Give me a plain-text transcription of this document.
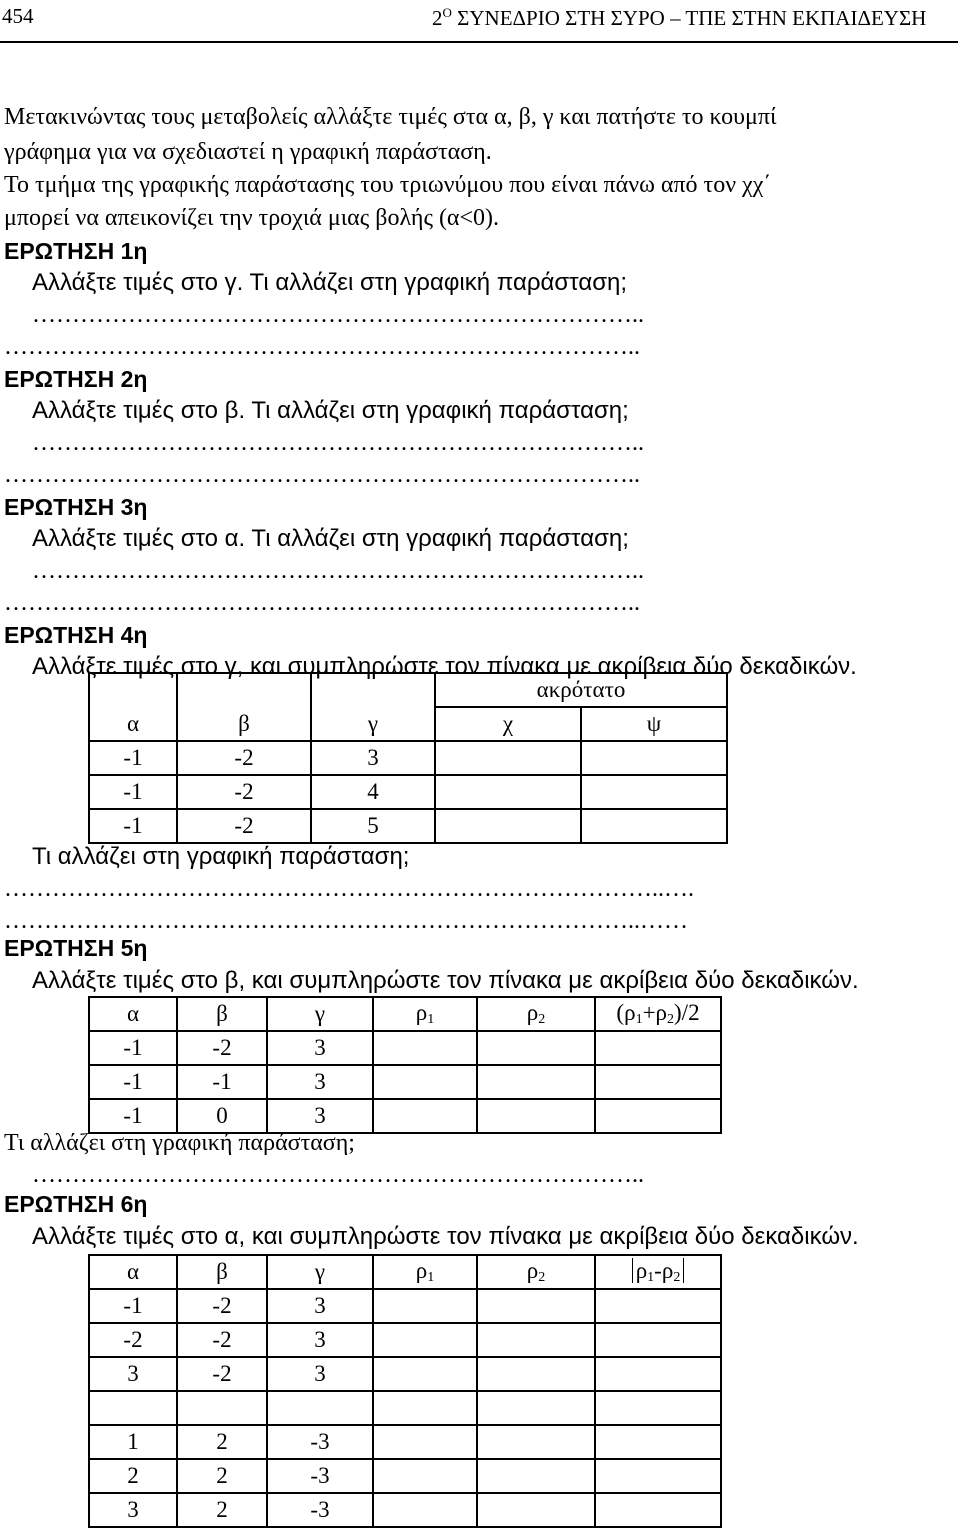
454	$2^O$ ΣΥΝΕΔΡΙΟ ΣΤΗ ΣΥΡΟ – ΤΠΕ ΣΤΗΝ ΕΚΠΑΙΔΕΥΣΗ
Μετακινώντας τους μεταβολείς αλλάξτε τιμές στα α, β, γ και πατήστε το κουμπί
γράφημα για να σχεδιαστεί η γραφική παράσταση.
Το τμήμα της γραφικής παράστασης του τριωνύμου που είναι πάνω από τον χχ΄
μπορεί να απεικονίζει την τροχιά μιας βολής (α<0).
ΕΡΩΤΗΣΗ 1η
Αλλάξτε τιμές στο γ. Τι αλλάζει στη γραφική παράσταση;
…………………………………………………………………..
……………………………………………………………………..
ΕΡΩΤΗΣΗ 2η
Αλλάξτε τιμές στο β. Τι αλλάζει στη γραφική παράσταση;
…………………………………………………………………..
……………………………………………………………………..
ΕΡΩΤΗΣΗ 3η
Αλλάξτε τιμές στο α. Τι αλλάζει στη γραφική παράσταση;
…………………………………………………………………..
……………………………………………………………………..
ΕΡΩΤΗΣΗ 4η
Αλλάξτε τιμές στο γ, και συμπληρώστε τον πίνακα με ακρίβεια δύο δεκαδικών.
			ακρότατο	
α	β	γ	χ	ψ
-1	-2	3		
-1	-2	4		
-1	-2	5		
Τι αλλάζει στη γραφική παράσταση;
………………………………………………………………………..….
……………………………………………………………………..……
ΕΡΩΤΗΣΗ 5η
Αλλάξτε τιμές στο β, και συμπληρώστε τον πίνακα με ακρίβεια δύο δεκαδικών.
α	β	γ	$\rho_1$	$\rho_2$	$(\rho_1+\rho_2)/2$
-1	-2	3			
-1	-1	3			
-1	0	3			
Τι αλλάζει στη γραφική παράσταση;
…………………………………………………………………..
ΕΡΩΤΗΣΗ 6η
Αλλάξτε τιμές στο α, και συμπληρώστε τον πίνακα με ακρίβεια δύο δεκαδικών.
α	β	γ	$\rho_1$	$\rho_2$	$\rho_1-\rho_2$
-1	-2	3			
-2	-2	3			
3	-2	3			

1	2	-3			
2	2	-3			
3	2	-3			
